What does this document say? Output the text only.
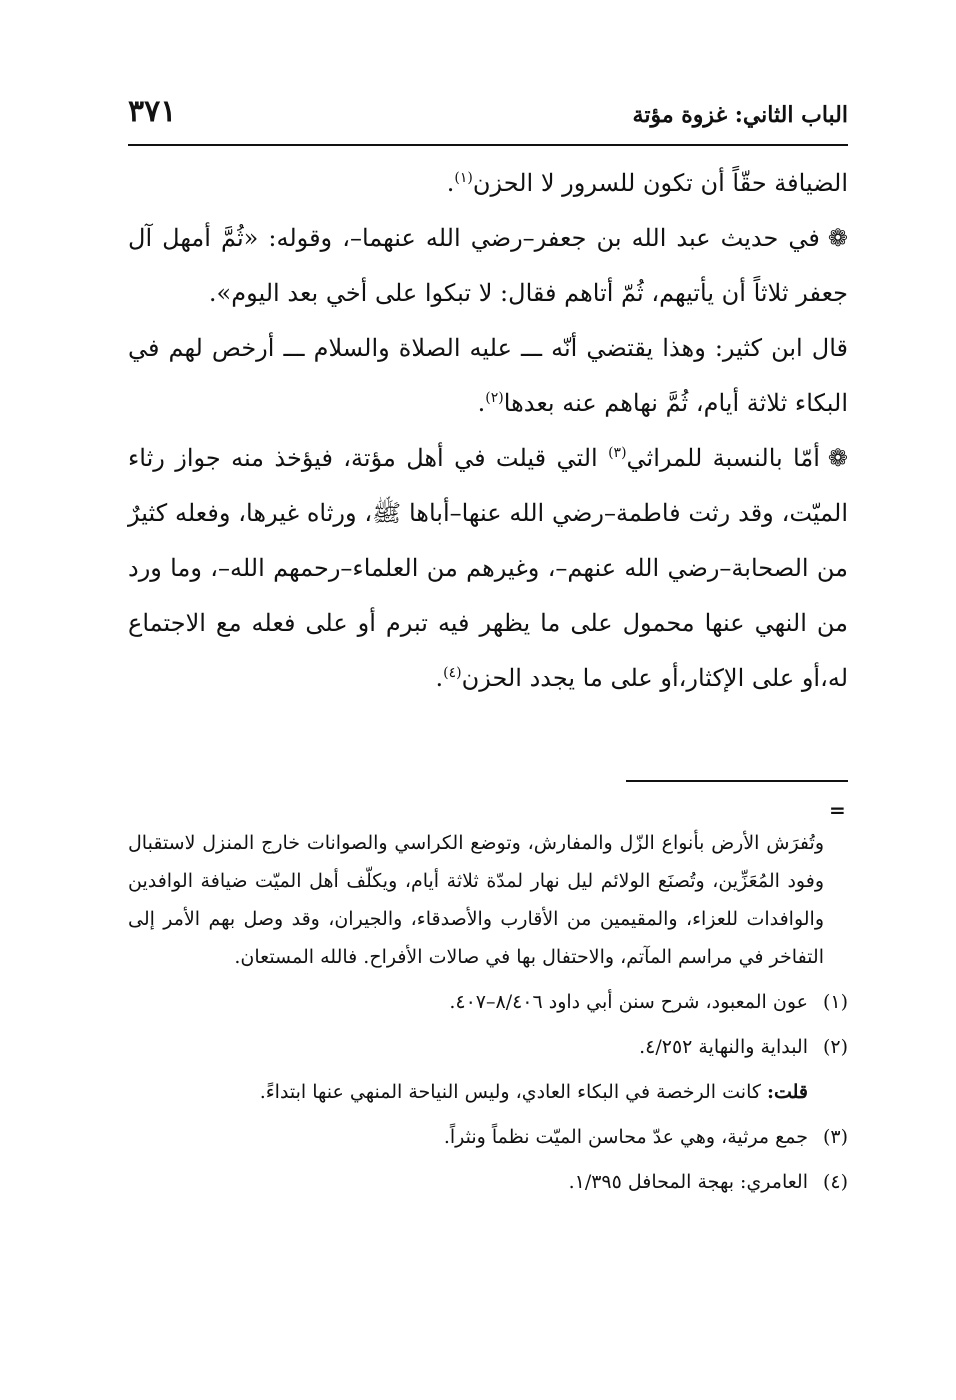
٣٧١	الباب الثاني: غزوة مؤتة

الضيافة حقّاً أن تكون للسرور لا الحزن$^{(١)}$.

❁في حديث عبد الله بن جعفر–رضي الله عنهما–، وقوله: «ثُمَّ أمهل آل جعفر ثلاثاً أن يأتيهم، ثُمّ أتاهم فقال: لا تبكوا على أخي بعد اليوم».

قال ابن كثير: وهذا يقتضي أنّه ـــ عليه الصلاة والسلام ـــ أرخص لهم في البكاء ثلاثة أيام، ثُمَّ نهاهم عنه بعدها$^{(٢)}$.

❁أمّا بالنسبة للمراثي$^{(٣)}$ التي قيلت في أهل مؤتة، فيؤخذ منه جواز رثاء الميّت، وقد رثت فاطمة–رضي الله عنها–أباها ﷺ، ورثاه غيرها، وفعله كثيرٌ من الصحابة–رضي الله عنهم–، وغيرهم من العلماء–رحمهم الله–، وما ورد من النهي عنها محمول على ما يظهر فيه تبرم أو على فعله مع الاجتماع له،أو على الإكثار،أو على ما يجدد الحزن$^{(٤)}$.

=

وتُفرَش الأرض بأنواع الزّل والمفارش، وتوضع الكراسي والصوانات خارج المنزل لاستقبال وفود المُعَزِّين، وتُصنَع الولائم ليل نهار لمدّة ثلاثة أيام، ويكلّف أهل الميّت ضيافة الوافدين والوافدات للعزاء، والمقيمين من الأقارب والأصدقاء، والجيران، وقد وصل بهم الأمر إلى التفاخر في مراسم المآتم، والاحتفال بها في صالات الأفراح. فالله المستعان.

(١)عون المعبود، شرح سنن أبي داود ٨/٤٠٦–٤٠٧.

(٢)البداية والنهاية ٤/٢٥٢.

قلت: كانت الرخصة في البكاء العادي، وليس النياحة المنهي عنها ابتداءً.

(٣)جمع مرثية، وهي عدّ محاسن الميّت نظماً ونثراً.

(٤)العامري: بهجة المحافل ١/٣٩٥.
